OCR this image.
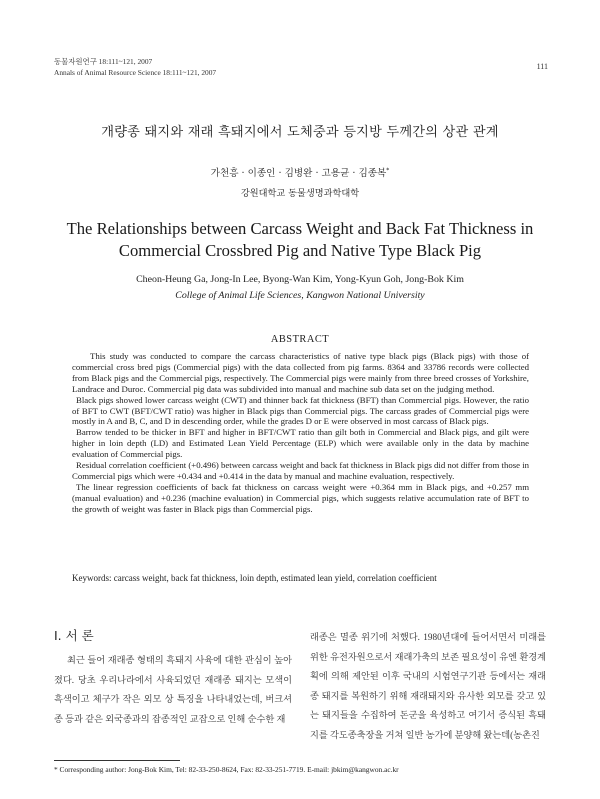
동물자원연구 18:111~121, 2007
Annals of Animal Resource Science 18:111~121, 2007
111
개량종 돼지와 재래 흑돼지에서 도체중과 등지방 두께간의 상관 관계
가천흥 · 이종인 · 김병완 · 고용균 · 김종복*
강원대학교 동물생명과학대학
The Relationships between Carcass Weight and Back Fat Thickness in
Commercial Crossbred Pig and Native Type Black Pig
Cheon-Heung Ga, Jong-In Lee, Byong-Wan Kim, Yong-Kyun Goh, Jong-Bok Kim
College of Animal Life Sciences, Kangwon National University
ABSTRACT

This study was conducted to compare the carcass characteristics of native type black pigs (Black pigs) with those of commercial cross bred pigs (Commercial pigs) with the data collected from pig farms. 8364 and 33786 records were collected from Black pigs and the Commercial pigs, respectively. The Commercial pigs were mainly from three breed crosses of Yorkshire, Landrace and Duroc. Commercial pig data was subdivided into manual and machine sub data set on the judging method.

Black pigs showed lower carcass weight (CWT) and thinner back fat thickness (BFT) than Commercial pigs. However, the ratio of BFT to CWT (BFT/CWT ratio) was higher in Black pigs than Commercial pigs. The carcass grades of Commercial pigs were mostly in A and B, C, and D in descending order, while the grades D or E were observed in most carcass of Black pigs.

Barrow tended to be thicker in BFT and higher in BFT/CWT ratio than gilt both in Commercial and Black pigs, and gilt were higher in loin depth (LD) and Estimated Lean Yield Percentage (ELP) which were available only in the data by machine evaluation of Commercial pigs.

Residual correlation coefficient (+0.496) between carcass weight and back fat thickness in Black pigs did not differ from those in Commercial pigs which were +0.434 and +0.414 in the data by manual and machine evaluation, respectively.

The linear regression coefficients of back fat thickness on carcass weight were +0.364 mm in Black pigs, and +0.257 mm (manual evaluation) and +0.236 (machine evaluation) in Commercial pigs, which suggests relative accumulation rate of BFT to the growth of weight was faster in Black pigs than Commercial pigs.

Keywords: carcass weight, back fat thickness, loin depth, estimated lean yield, correlation coefficient
Ⅰ. 서 론

최근 들어 재래종 형태의 흑돼지 사육에 대한 관심이 높아졌다. 당초 우리나라에서 사육되었던 재래종 돼지는 모색이 흑색이고 체구가 작은 외모 상 특징을 나타내었는데, 버크셔종 등과 같은 외국종과의 잡종적인 교잡으로 인해 순수한 재

래종은 멸종 위기에 처했다. 1980년대에 들어서면서 미래를 위한 유전자원으로서 재래가축의 보존 필요성이 유엔 환경계획에 의해 제안된 이후 국내의 시험연구기관 등에서는 재래종 돼지를 복원하기 위해 재래돼지와 유사한 외모를 갖고 있는 돼지들을 수집하여 돈군을 육성하고 여기서 증식된 흑돼지를 각도종축장을 거쳐 일반 농가에 분양해 왔는데(농촌진

* Corresponding author: Jong-Bok Kim, Tel: 82-33-250-8624, Fax: 82-33-251-7719. E-mail: jbkim@kangwon.ac.kr
